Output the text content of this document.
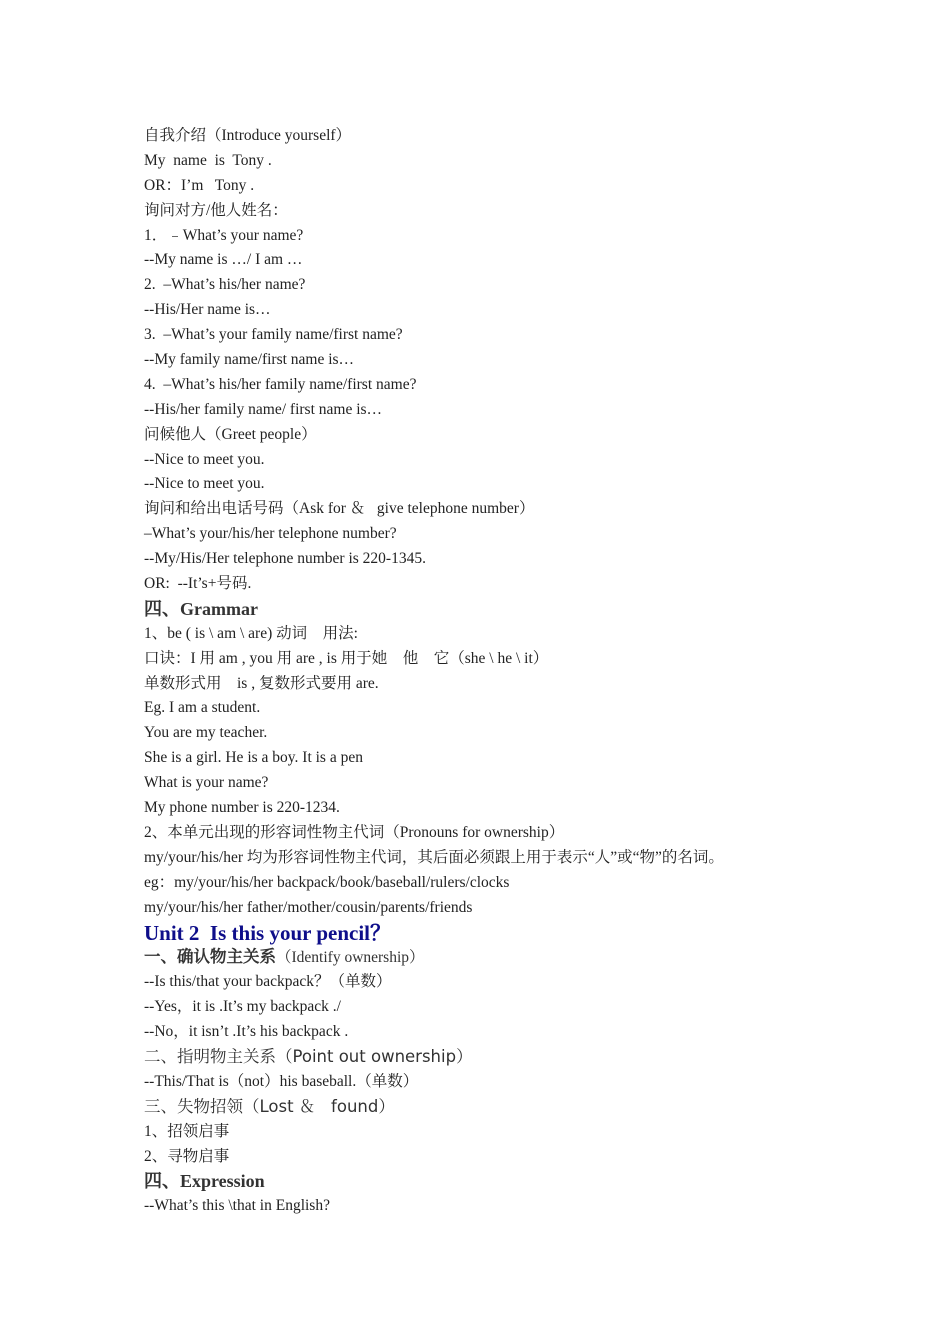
自我介绍（Introduce yourself）
My  name  is  Tony .
OR：I’m   Tony .
询问对方/他人姓名：
1．﹣What’s your name?
--My name is …/ I am …
2.  –What’s his/her name?
--His/Her name is…
3.  –What’s your family name/first name?
--My family name/first name is…
4.  –What’s his/her family name/first name?
--His/her family name/ first name is…
问候他人（Greet people）
--Nice to meet you.
--Nice to meet you.
询问和给出电话号码（Ask for ＆   give telephone number）
–What’s your/his/her telephone number?
--My/His/Her telephone number is 220-1345.
OR:  --It’s+号码.
四、Grammar
1、be ( is \ am \ are) 动词    用法:
口诀：I 用 am , you 用 are , is 用于她    他    它（she \ he \ it）
单数形式用    is , 复数形式要用 are.
Eg. I am a student.
You are my teacher.
She is a girl. He is a boy. It is a pen
What is your name?
My phone number is 220-1234.
2、本单元出现的形容词性物主代词（Pronouns for ownership）
my/your/his/her 均为形容词性物主代词，其后面必须跟上用于表示“人”或“物”的名词。
eg：my/your/his/her backpack/book/baseball/rulers/clocks
my/your/his/her father/mother/cousin/parents/friends
Unit 2  Is this your pencil？
一、确认物主关系（Identify ownership）
--Is this/that your backpack？（单数）
--Yes，it is .It’s my backpack ./
--No，it isn’t .It’s his backpack .
二、指明物主关系（Point out ownership）
--This/That is（not）his baseball.（单数）
三、失物招领（Lost ＆   found）
1、招领启事
2、寻物启事
四、Expression
--What’s this \that in English?
